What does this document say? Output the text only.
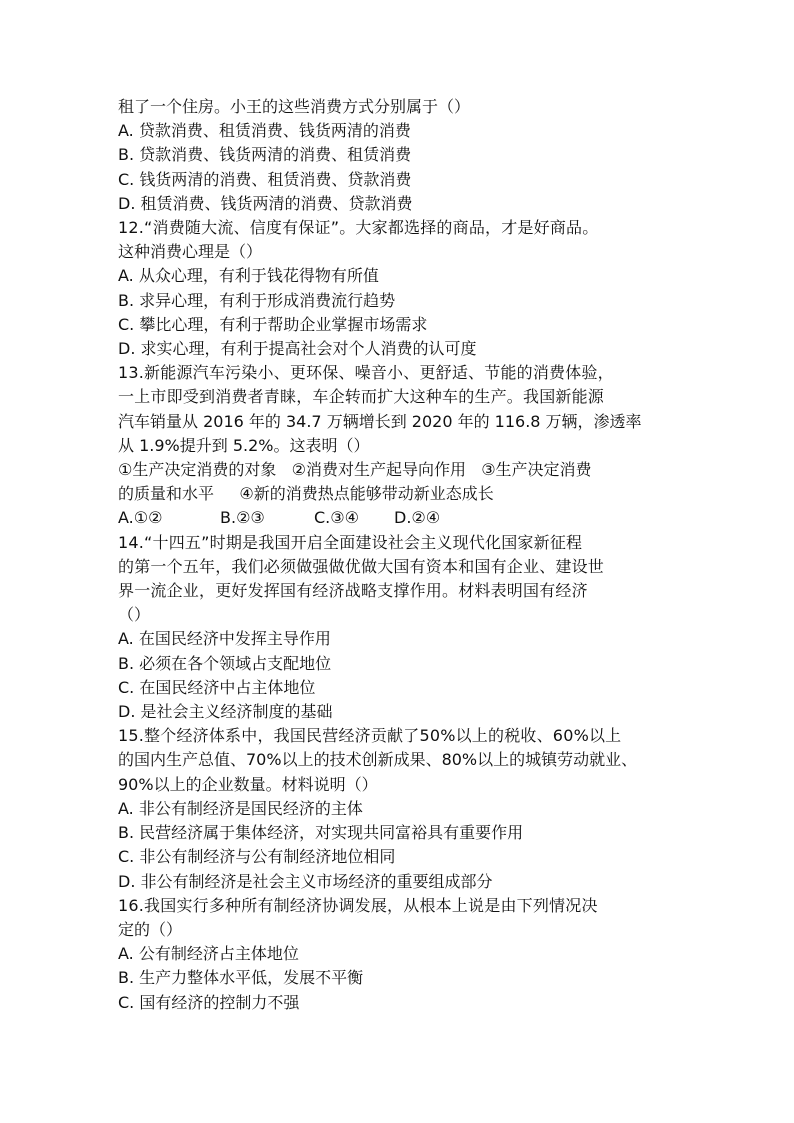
租了一个住房。小王的这些消费方式分别属于（）
A. 贷款消费、租赁消费、钱货两清的消费
B. 贷款消费、钱货两清的消费、租赁消费
C. 钱货两清的消费、租赁消费、贷款消费
D. 租赁消费、钱货两清的消费、贷款消费
12.“消费随大流、信度有保证”。大家都选择的商品，才是好商品。
这种消费心理是（）
A. 从众心理，有利于钱花得物有所值
B. 求异心理，有利于形成消费流行趋势
C. 攀比心理，有利于帮助企业掌握市场需求
D. 求实心理，有利于提高社会对个人消费的认可度
13.新能源汽车污染小、更环保、噪音小、更舒适、节能的消费体验，
一上市即受到消费者青睐，车企转而扩大这种车的生产。我国新能源
汽车销量从 2016 年的 34.7 万辆增长到 2020 年的 116.8 万辆，渗透率
从 1.9%提升到 5.2%。这表明（）
①生产决定消费的对象   ②消费对生产起导向作用   ③生产决定消费
的质量和水平     ④新的消费热点能够带动新业态成长
A.①②	B.②③	C.③④ D.②④
14.“十四五”时期是我国开启全面建设社会主义现代化国家新征程
的第一个五年，我们必须做强做优做大国有资本和国有企业、建设世
界一流企业，更好发挥国有经济战略支撑作用。材料表明国有经济
（）
A. 在国民经济中发挥主导作用
B. 必须在各个领域占支配地位
C. 在国民经济中占主体地位
D. 是社会主义经济制度的基础
15.整个经济体系中，我国民营经济贡献了50%以上的税收、60%以上
的国内生产总值、70%以上的技术创新成果、80%以上的城镇劳动就业、
90%以上的企业数量。材料说明（）
A. 非公有制经济是国民经济的主体
B. 民营经济属于集体经济，对实现共同富裕具有重要作用
C. 非公有制经济与公有制经济地位相同
D. 非公有制经济是社会主义市场经济的重要组成部分
16.我国实行多种所有制经济协调发展，从根本上说是由下列情况决
定的（）
A. 公有制经济占主体地位
B. 生产力整体水平低，发展不平衡
C. 国有经济的控制力不强
